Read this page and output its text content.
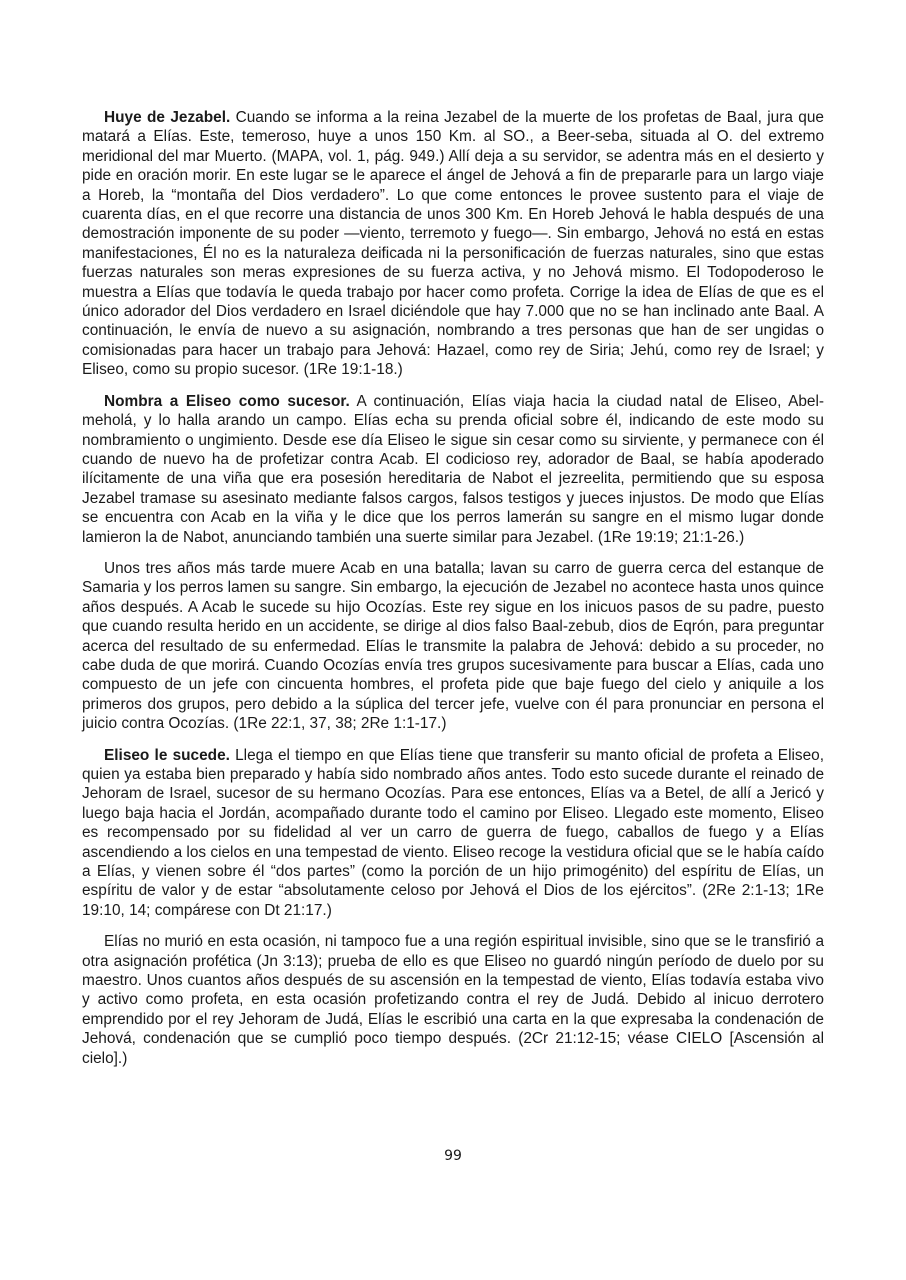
Huye de Jezabel. Cuando se informa a la reina Jezabel de la muerte de los profetas de Baal, jura que matará a Elías. Este, temeroso, huye a unos 150 Km. al SO., a Beer-seba, situada al O. del extremo meridional del mar Muerto. (MAPA, vol. 1, pág. 949.) Allí deja a su servidor, se adentra más en el desierto y pide en oración morir. En este lugar se le aparece el ángel de Jehová a fin de prepararle para un largo viaje a Horeb, la “montaña del Dios verdadero”. Lo que come entonces le provee sustento para el viaje de cuarenta días, en el que recorre una distancia de unos 300 Km. En Horeb Jehová le habla después de una demostración imponente de su poder —viento, terremoto y fuego—. Sin embargo, Jehová no está en estas manifestaciones, Él no es la naturaleza deificada ni la personificación de fuerzas naturales, sino que estas fuerzas naturales son meras expresiones de su fuerza activa, y no Jehová mismo. El Todopoderoso le muestra a Elías que todavía le queda trabajo por hacer como profeta. Corrige la idea de Elías de que es el único adorador del Dios verdadero en Israel diciéndole que hay 7.000 que no se han inclinado ante Baal. A continuación, le envía de nuevo a su asignación, nombrando a tres personas que han de ser ungidas o comisionadas para hacer un trabajo para Jehová: Hazael, como rey de Siria; Jehú, como rey de Israel; y Eliseo, como su propio sucesor. (1Re 19:1-18.)

Nombra a Eliseo como sucesor. A continuación, Elías viaja hacia la ciudad natal de Eliseo, Abel-meholá, y lo halla arando un campo. Elías echa su prenda oficial sobre él, indicando de este modo su nombramiento o ungimiento. Desde ese día Eliseo le sigue sin cesar como su sirviente, y permanece con él cuando de nuevo ha de profetizar contra Acab. El codicioso rey, adorador de Baal, se había apoderado ilícitamente de una viña que era posesión hereditaria de Nabot el jezreelita, permitiendo que su esposa Jezabel tramase su asesinato mediante falsos cargos, falsos testigos y jueces injustos. De modo que Elías se encuentra con Acab en la viña y le dice que los perros lamerán su sangre en el mismo lugar donde lamieron la de Nabot, anunciando también una suerte similar para Jezabel. (1Re 19:19; 21:1-26.)

Unos tres años más tarde muere Acab en una batalla; lavan su carro de guerra cerca del estanque de Samaria y los perros lamen su sangre. Sin embargo, la ejecución de Jezabel no acontece hasta unos quince años después. A Acab le sucede su hijo Ocozías. Este rey sigue en los inicuos pasos de su padre, puesto que cuando resulta herido en un accidente, se dirige al dios falso Baal-zebub, dios de Eqrón, para preguntar acerca del resultado de su enfermedad. Elías le transmite la palabra de Jehová: debido a su proceder, no cabe duda de que morirá. Cuando Ocozías envía tres grupos sucesivamente para buscar a Elías, cada uno compuesto de un jefe con cincuenta hombres, el profeta pide que baje fuego del cielo y aniquile a los primeros dos grupos, pero debido a la súplica del tercer jefe, vuelve con él para pronunciar en persona el juicio contra Ocozías. (1Re 22:1, 37, 38; 2Re 1:1-17.)

Eliseo le sucede. Llega el tiempo en que Elías tiene que transferir su manto oficial de profeta a Eliseo, quien ya estaba bien preparado y había sido nombrado años antes. Todo esto sucede durante el reinado de Jehoram de Israel, sucesor de su hermano Ocozías. Para ese entonces, Elías va a Betel, de allí a Jericó y luego baja hacia el Jordán, acompañado durante todo el camino por Eliseo. Llegado este momento, Eliseo es recompensado por su fidelidad al ver un carro de guerra de fuego, caballos de fuego y a Elías ascendiendo a los cielos en una tempestad de viento. Eliseo recoge la vestidura oficial que se le había caído a Elías, y vienen sobre él “dos partes” (como la porción de un hijo primogénito) del espíritu de Elías, un espíritu de valor y de estar “absolutamente celoso por Jehová el Dios de los ejércitos”. (2Re 2:1-13; 1Re 19:10, 14; compárese con Dt 21:17.)

Elías no murió en esta ocasión, ni tampoco fue a una región espiritual invisible, sino que se le transfirió a otra asignación profética (Jn 3:13); prueba de ello es que Eliseo no guardó ningún período de duelo por su maestro. Unos cuantos años después de su ascensión en la tempestad de viento, Elías todavía estaba vivo y activo como profeta, en esta ocasión profetizando contra el rey de Judá. Debido al inicuo derrotero emprendido por el rey Jehoram de Judá, Elías le escribió una carta en la que expresaba la condenación de Jehová, condenación que se cumplió poco tiempo después. (2Cr 21:12-15; véase CIELO [Ascensión al cielo].)

99
